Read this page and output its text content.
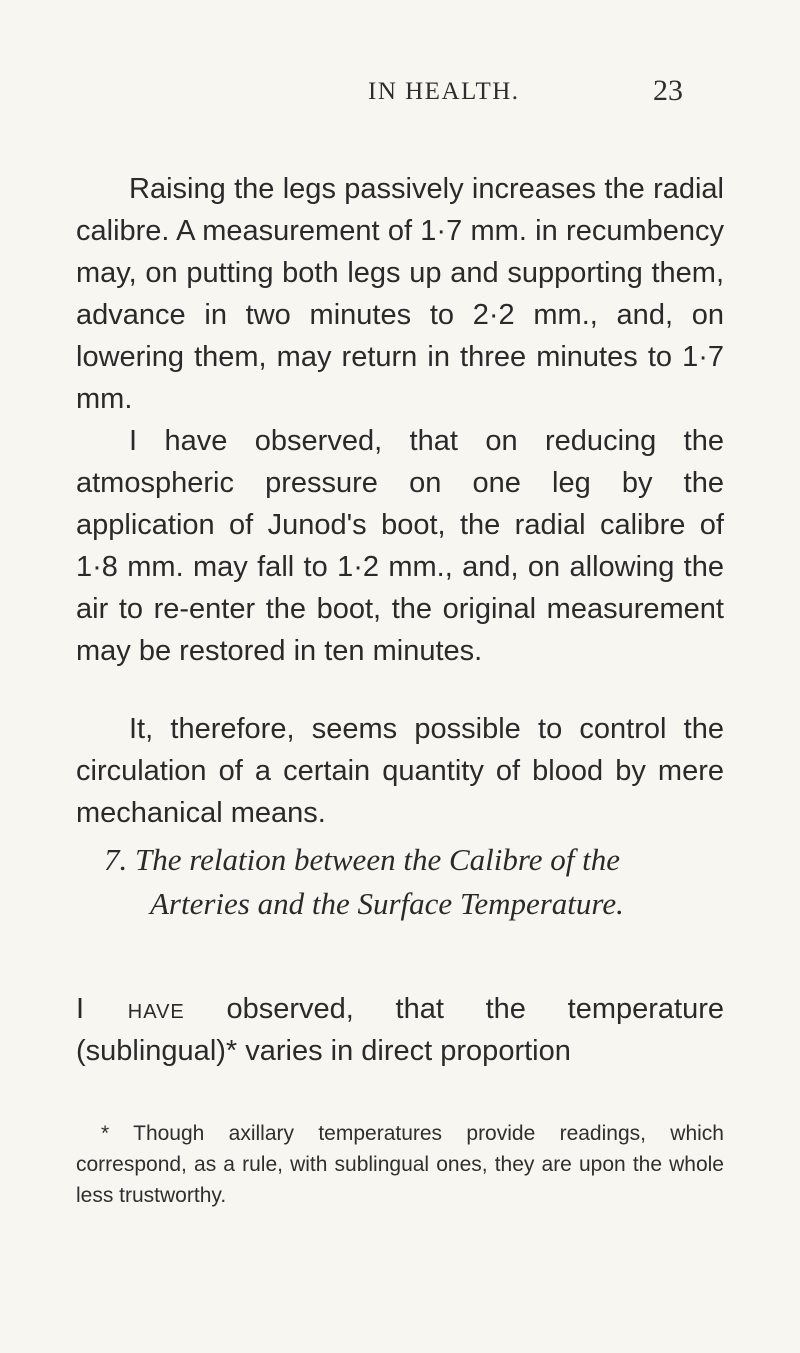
IN HEALTH.	23

Raising the legs passively increases the radial calibre. A measurement of 1·7 mm. in recumbency may, on putting both legs up and supporting them, advance in two minutes to 2·2 mm., and, on lowering them, may return in three minutes to 1·7 mm.

I have observed, that on reducing the atmospheric pressure on one leg by the application of Junod's boot, the radial calibre of 1·8 mm. may fall to 1·2 mm., and, on allowing the air to re-enter the boot, the original measurement may be restored in ten minutes.

It, therefore, seems possible to control the circulation of a certain quantity of blood by mere mechanical means.

7. The relation between the Calibre of the
Arteries and the Surface Temperature.

I have observed, that the temperature (sublingual)* varies in direct proportion

* Though axillary temperatures provide readings, which correspond, as a rule, with sublingual ones, they are upon the whole less trustworthy.
